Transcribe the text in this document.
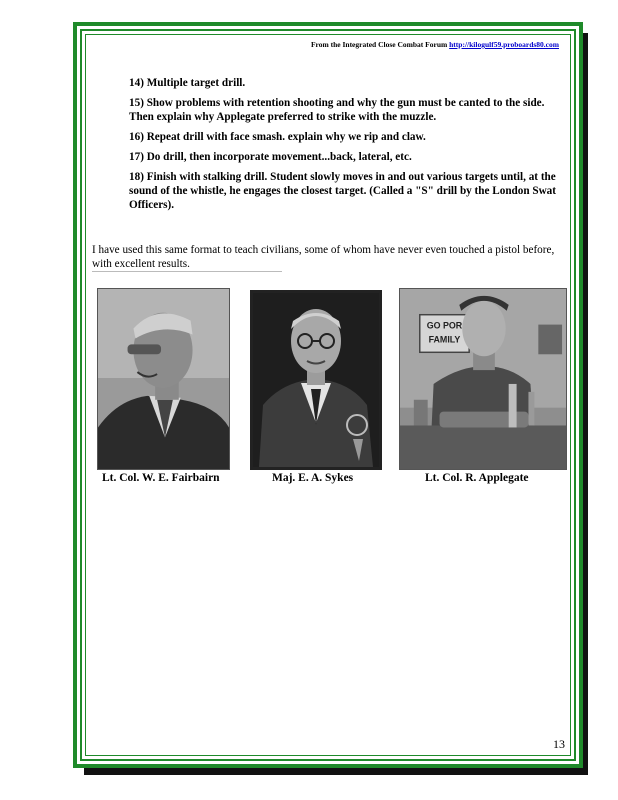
From the Integrated Close Combat Forum http://kilogulf59.proboards80.com

14) Multiple target drill.

15) Show problems with retention shooting and why the gun must be canted to the side. Then explain why Applegate preferred to strike with the muzzle.

16) Repeat drill with face smash. explain why we rip and claw.

17) Do drill, then incorporate movement...back, lateral, etc.

18) Finish with stalking drill. Student slowly moves in and out various targets until, at the sound of the whistle, he engages the closest target. (Called a "S" drill by the London Swat Officers).

I have used this same format to teach civilians, some of whom have never even touched a pistol before, with excellent results.

GO POR
FAMILY
Lt. Col. W. E. Fairbairn	Maj. E. A. Sykes	Lt. Col. R. Applegate
13
